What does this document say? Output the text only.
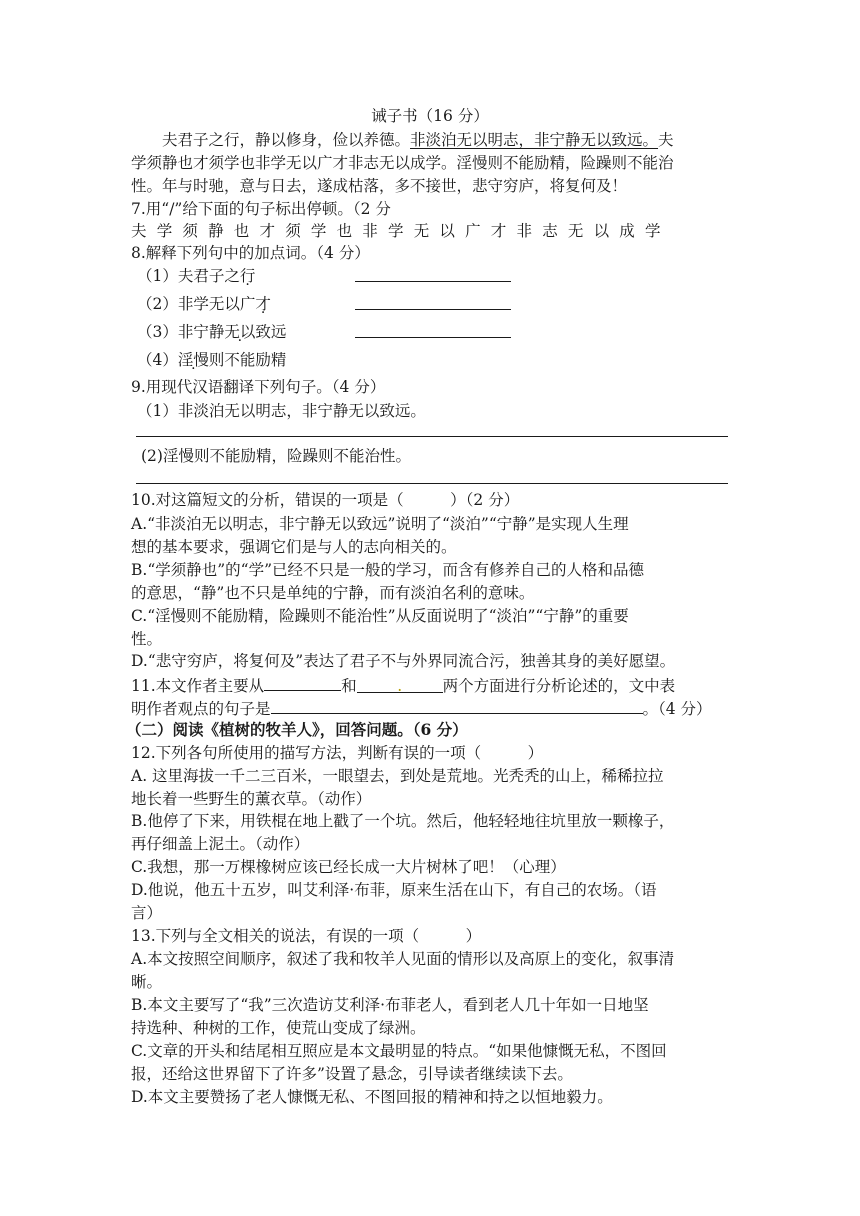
诫子书（16 分）
夫君子之行，静以修身，俭以养德。非淡泊无以明志，非宁静无以致远。夫
学须静也才须学也非学无以广才非志无以成学。淫慢则不能励精，险躁则不能治
性。年与时驰，意与日去，遂成枯落，多不接世，悲守穷庐，将复何及！
7.用“/”给下面的句子标出停顿。（2 分
夫学须静也才须学也非学无以广才非志无以成学
8.解释下列句中的加点词。（4 分）
（1）夫君子之行
（2）非学无以广才
（3）非宁静无以致远
（4）淫慢则不能励精
9.用现代汉语翻译下列句子。（4 分）
（1）非淡泊无以明志，非宁静无以致远。
(2)淫慢则不能励精，险躁则不能治性。
10.对这篇短文的分析，错误的一项是（　　　）（2 分）
A.“非淡泊无以明志，非宁静无以致远”说明了“淡泊”“宁静”是实现人生理
想的基本要求，强调它们是与人的志向相关的。
B.“学须静也”的“学”已经不只是一般的学习，而含有修养自己的人格和品德
的意思，“静”也不只是单纯的宁静，而有淡泊名利的意味。
C.“淫慢则不能励精，险躁则不能治性”从反面说明了“淡泊”“宁静”的重要
性。
D.“悲守穷庐，将复何及”表达了君子不与外界同流合污，独善其身的美好愿望。
11.本文作者主要从	和	.	两个方面进行分析论述的，文中表
明作者观点的句子是	。（4 分）
（二）阅读《植树的牧羊人》，回答问题。（6 分）
12.下列各句所使用的描写方法，判断有误的一项（　　　）
A. 这里海拔一千二三百米，一眼望去，到处是荒地。光秃秃的山上，稀稀拉拉
地长着一些野生的薰衣草。（动作）
B.他停了下来，用铁棍在地上戳了一个坑。然后，他轻轻地往坑里放一颗橡子，
再仔细盖上泥土。（动作）
C.我想，那一万棵橡树应该已经长成一大片树林了吧！（心理）
D.他说，他五十五岁，叫艾利泽·布菲，原来生活在山下，有自己的农场。（语
言）
13.下列与全文相关的说法，有误的一项（　　　）
A.本文按照空间顺序，叙述了我和牧羊人见面的情形以及高原上的变化，叙事清
晰。
B.本文主要写了“我”三次造访艾利泽·布菲老人，看到老人几十年如一日地坚
持选种、种树的工作，使荒山变成了绿洲。
C.文章的开头和结尾相互照应是本文最明显的特点。“如果他慷慨无私，不图回
报，还给这世界留下了许多”设置了悬念，引导读者继续读下去。
D.本文主要赞扬了老人慷慨无私、不图回报的精神和持之以恒地毅力。
